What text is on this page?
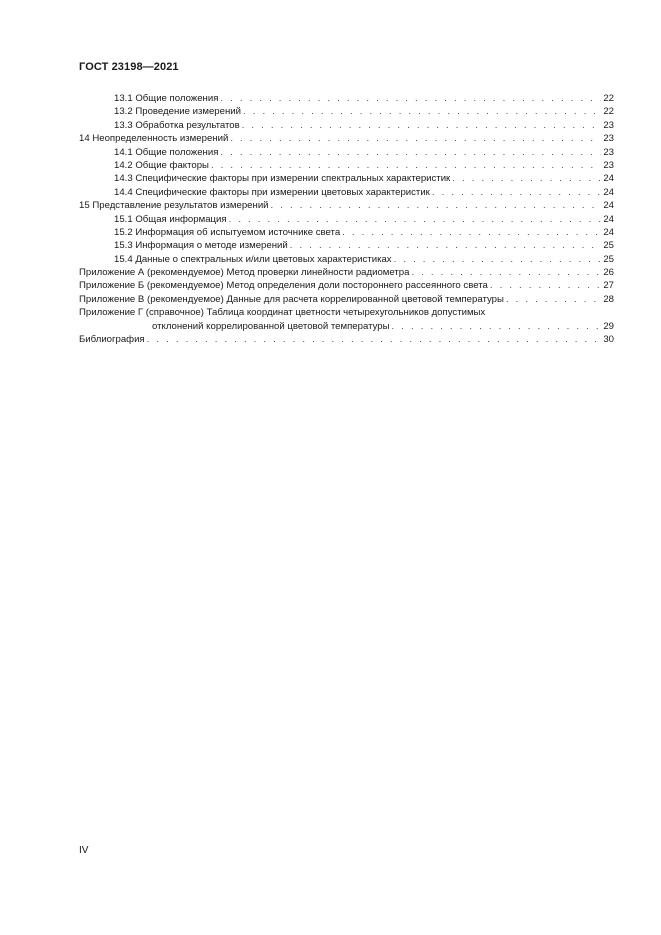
ГОСТ 23198—2021
13.1 Общие положения . . .	22
13.2 Проведение измерений . . .	22
13.3 Обработка результатов . . .	23
14 Неопределенность измерений . . .	23
14.1 Общие положения . . .	23
14.2 Общие факторы . . .	23
14.3 Специфические факторы при измерении спектральных характеристик . . .	24
14.4 Специфические факторы при измерении цветовых характеристик . . .	24
15 Представление результатов измерений . . .	24
15.1 Общая информация . . .	24
15.2 Информация об испытуемом источнике света . . .	24
15.3 Информация о методе измерений . . .	25
15.4 Данные о спектральных и/или цветовых характеристиках . . .	25
Приложение А (рекомендуемое) Метод проверки линейности радиометра . . .	26
Приложение Б (рекомендуемое) Метод определения доли постороннего рассеянного света . . .	27
Приложение В (рекомендуемое) Данные для расчета коррелированной цветовой температуры . . .	28
Приложение Г (справочное) Таблица координат цветности четырехугольников допустимых
отклонений коррелированной цветовой температуры . . .	29
Библиография . . .	30
IV
